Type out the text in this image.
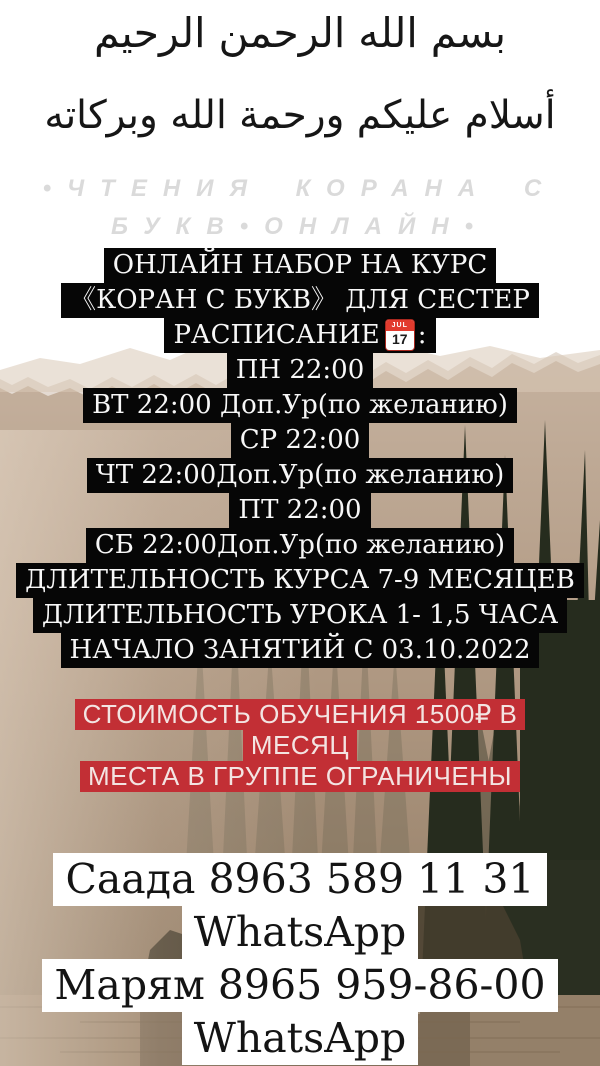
بسم الله الرحمن الرحيم
أسلام عليكم ورحمة الله وبركاته
•ЧТЕНИЯ КОРАНА С
БУКВ•ОНЛАЙН•
ОНЛАЙН НАБОР НА КУРС
《КОРАН С БУКВ》 ДЛЯ СЕСТЕР
РАСПИСАНИЕ	JUL
17 :
ПН 22:00
ВТ 22:00 Доп.Ур(по желанию)
СР 22:00
ЧТ 22:00Доп.Ур(по желанию)
ПТ 22:00
СБ 22:00Доп.Ур(по желанию)
ДЛИТЕЛЬНОСТЬ КУРСА 7-9 МЕСЯЦЕВ
ДЛИТЕЛЬНОСТЬ УРОКА 1- 1,5 ЧАСА
НАЧАЛО ЗАНЯТИЙ С 03.10.2022
СТОИМОСТЬ ОБУЧЕНИЯ 1500₽ В
МЕСЯЦ
МЕСТА В ГРУППЕ ОГРАНИЧЕНЫ
Саада 8963 589 11 31
WhatsApp
Марям 8965 959-86-00
WhatsApp
